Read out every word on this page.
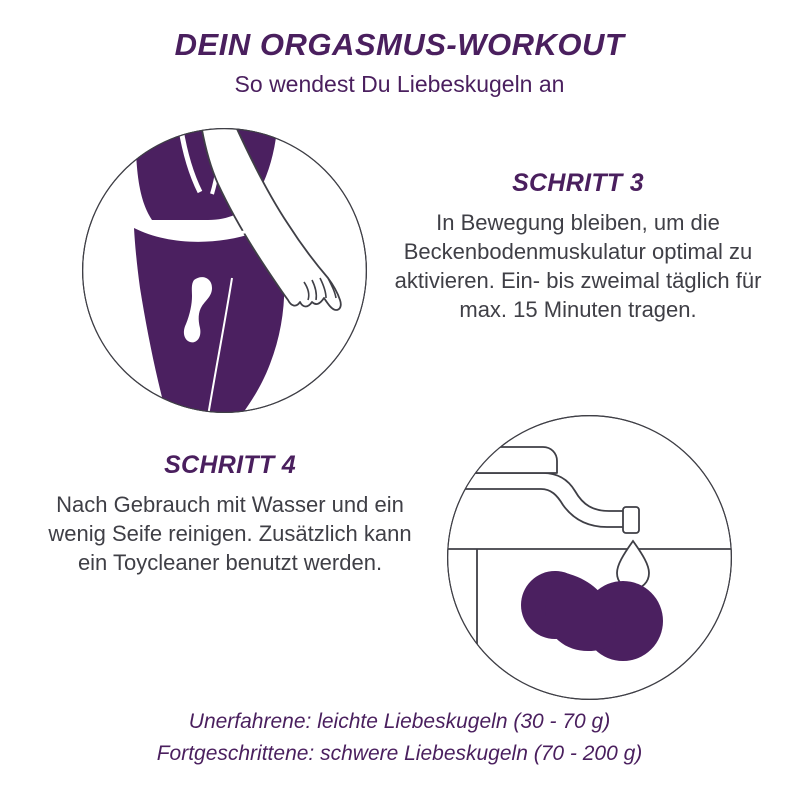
DEIN ORGASMUS-WORKOUT

So wendest Du Liebeskugeln an

SCHRITT 3

In Bewegung bleiben, um die Beckenbodenmuskulatur optimal zu aktivieren. Ein- bis zweimal täglich für max. 15 Minuten tragen.

SCHRITT 4

Nach Gebrauch mit Wasser und ein wenig Seife reinigen. Zusätzlich kann ein Toycleaner benutzt werden.

Unerfahrene: leichte Liebeskugeln (30 - 70 g)

Fortgeschrittene: schwere Liebeskugeln (70 - 200 g)
